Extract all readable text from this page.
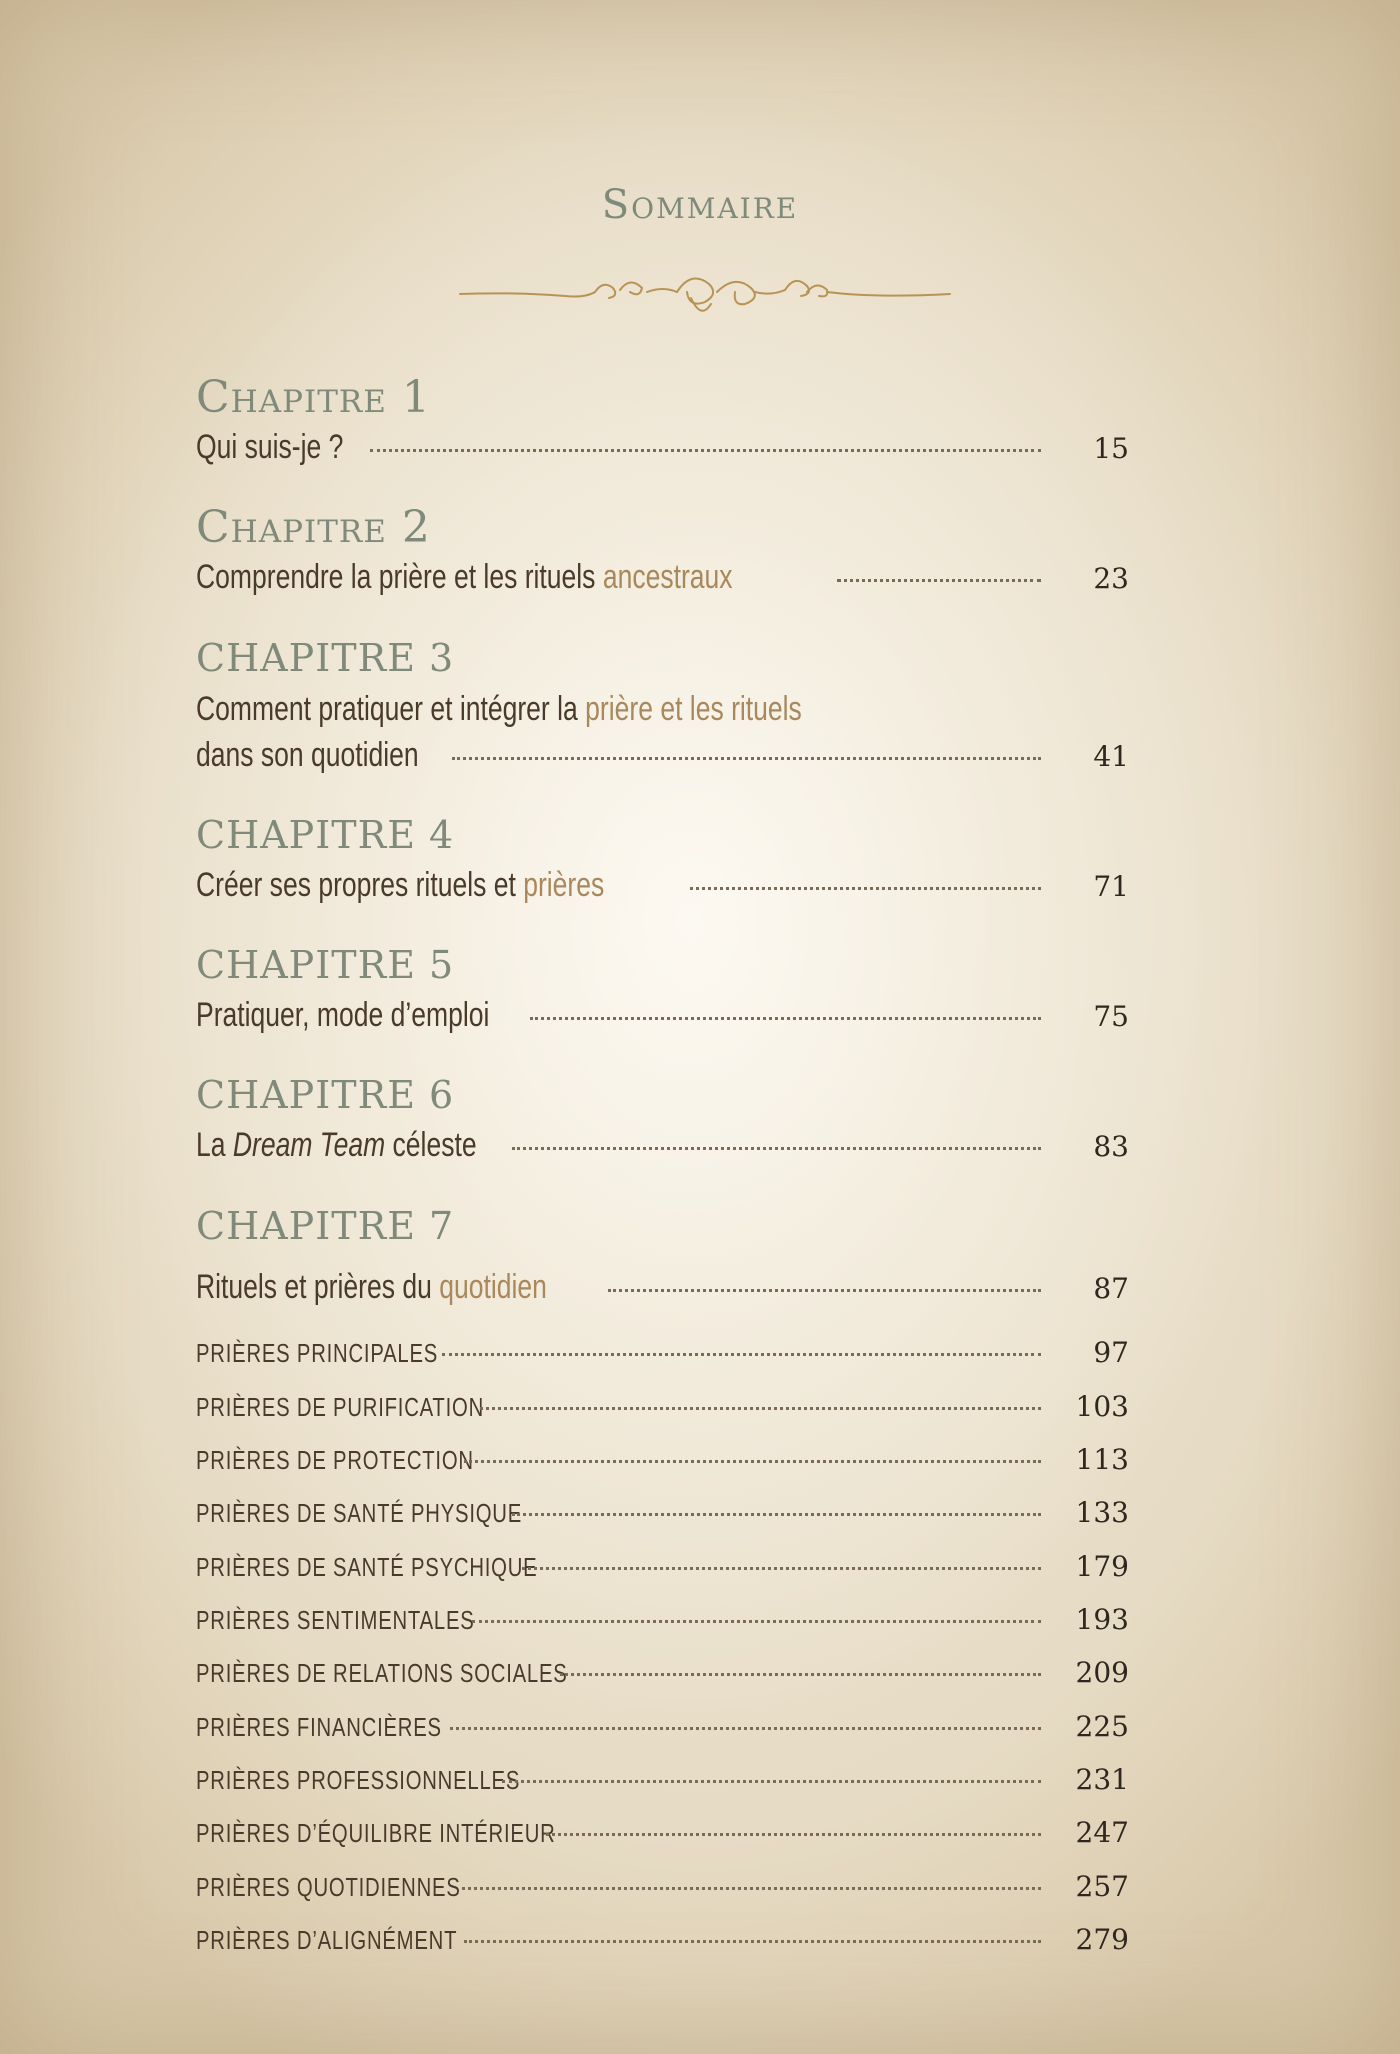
Sommaire
Chapitre 1
Qui suis-je ?	15
Chapitre 2
Comprendre la prière et les rituels ancestraux	23
CHAPITRE 3
Comment pratiquer et intégrer la prière et les rituels
dans son quotidien	41
CHAPITRE 4
Créer ses propres rituels et prières	71
CHAPITRE 5
Pratiquer, mode d’emploi	75
CHAPITRE 6
La Dream Team céleste	83
CHAPITRE 7
Rituels et prières du quotidien	87
PRIÈRES PRINCIPALES	97
PRIÈRES DE PURIFICATION	103
PRIÈRES DE PROTECTION	113
PRIÈRES DE SANTÉ PHYSIQUE	133
PRIÈRES DE SANTÉ PSYCHIQUE	179
PRIÈRES SENTIMENTALES	193
PRIÈRES DE RELATIONS SOCIALES	209
PRIÈRES FINANCIÈRES	225
PRIÈRES PROFESSIONNELLES	231
PRIÈRES D’ÉQUILIBRE INTÉRIEUR	247
PRIÈRES QUOTIDIENNES	257
PRIÈRES D’ALIGNÉMENT	279
